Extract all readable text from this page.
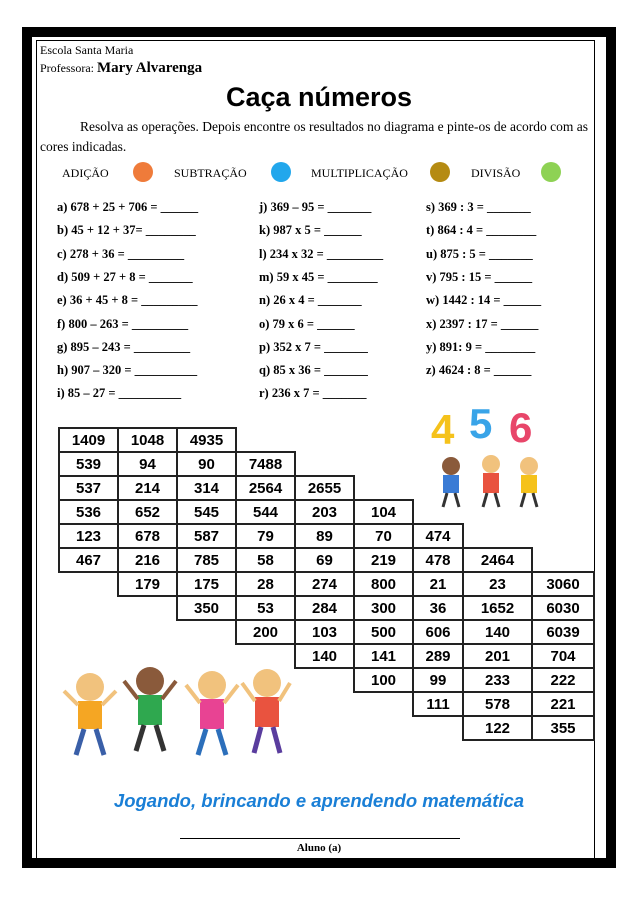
Escola Santa Maria
Professora: Mary Alvarenga
Caça números
Resolva as operações. Depois encontre os resultados no diagrama e pinte-os de acordo com as cores indicadas.
ADIÇÃO	SUBTRAÇÃO	MULTIPLICAÇÃO	DIVISÃO
a) 678 + 25 + 706 = ______
b) 45 + 12 + 37= ________
c) 278 + 36 = _________
d) 509 + 27 + 8 = _______
e) 36 + 45 + 8 = _________
f) 800 – 263 = _________
g) 895 – 243 = _________
h) 907 – 320 = __________
i) 85 – 27 = __________
j) 369 – 95 = _______
k) 987 x 5 = ______
l) 234 x 32 = _________
m) 59 x 45 = ________
n) 26 x 4 = _______
o) 79 x 6 = ______
p) 352 x 7 = _______
q) 85 x 36 = _______
r) 236 x 7 = _______
s) 369 : 3 = _______
t) 864 : 4 = ________
u) 875 : 5 = _______
v) 795 : 15 = ______
w) 1442 : 14 = ______
x) 2397 : 17 = ______
y) 891: 9 = ________
z) 4624 : 8 = ______
4 5 6
1409	1048	4935						
539	94	90	7488					
537	214	314	2564	2655				
536	652	545	544	203	104			
123	678	587	79	89	70	474		
467	216	785	58	69	219	478	2464	
	179	175	28	274	800	21	23	3060
		350	53	284	300	36	1652	6030
			200	103	500	606	140	6039
				140	141	289	201	704
					100	99	233	222
						111	578	221
							122	355
Jogando, brincando e aprendendo matemática
Aluno (a)
